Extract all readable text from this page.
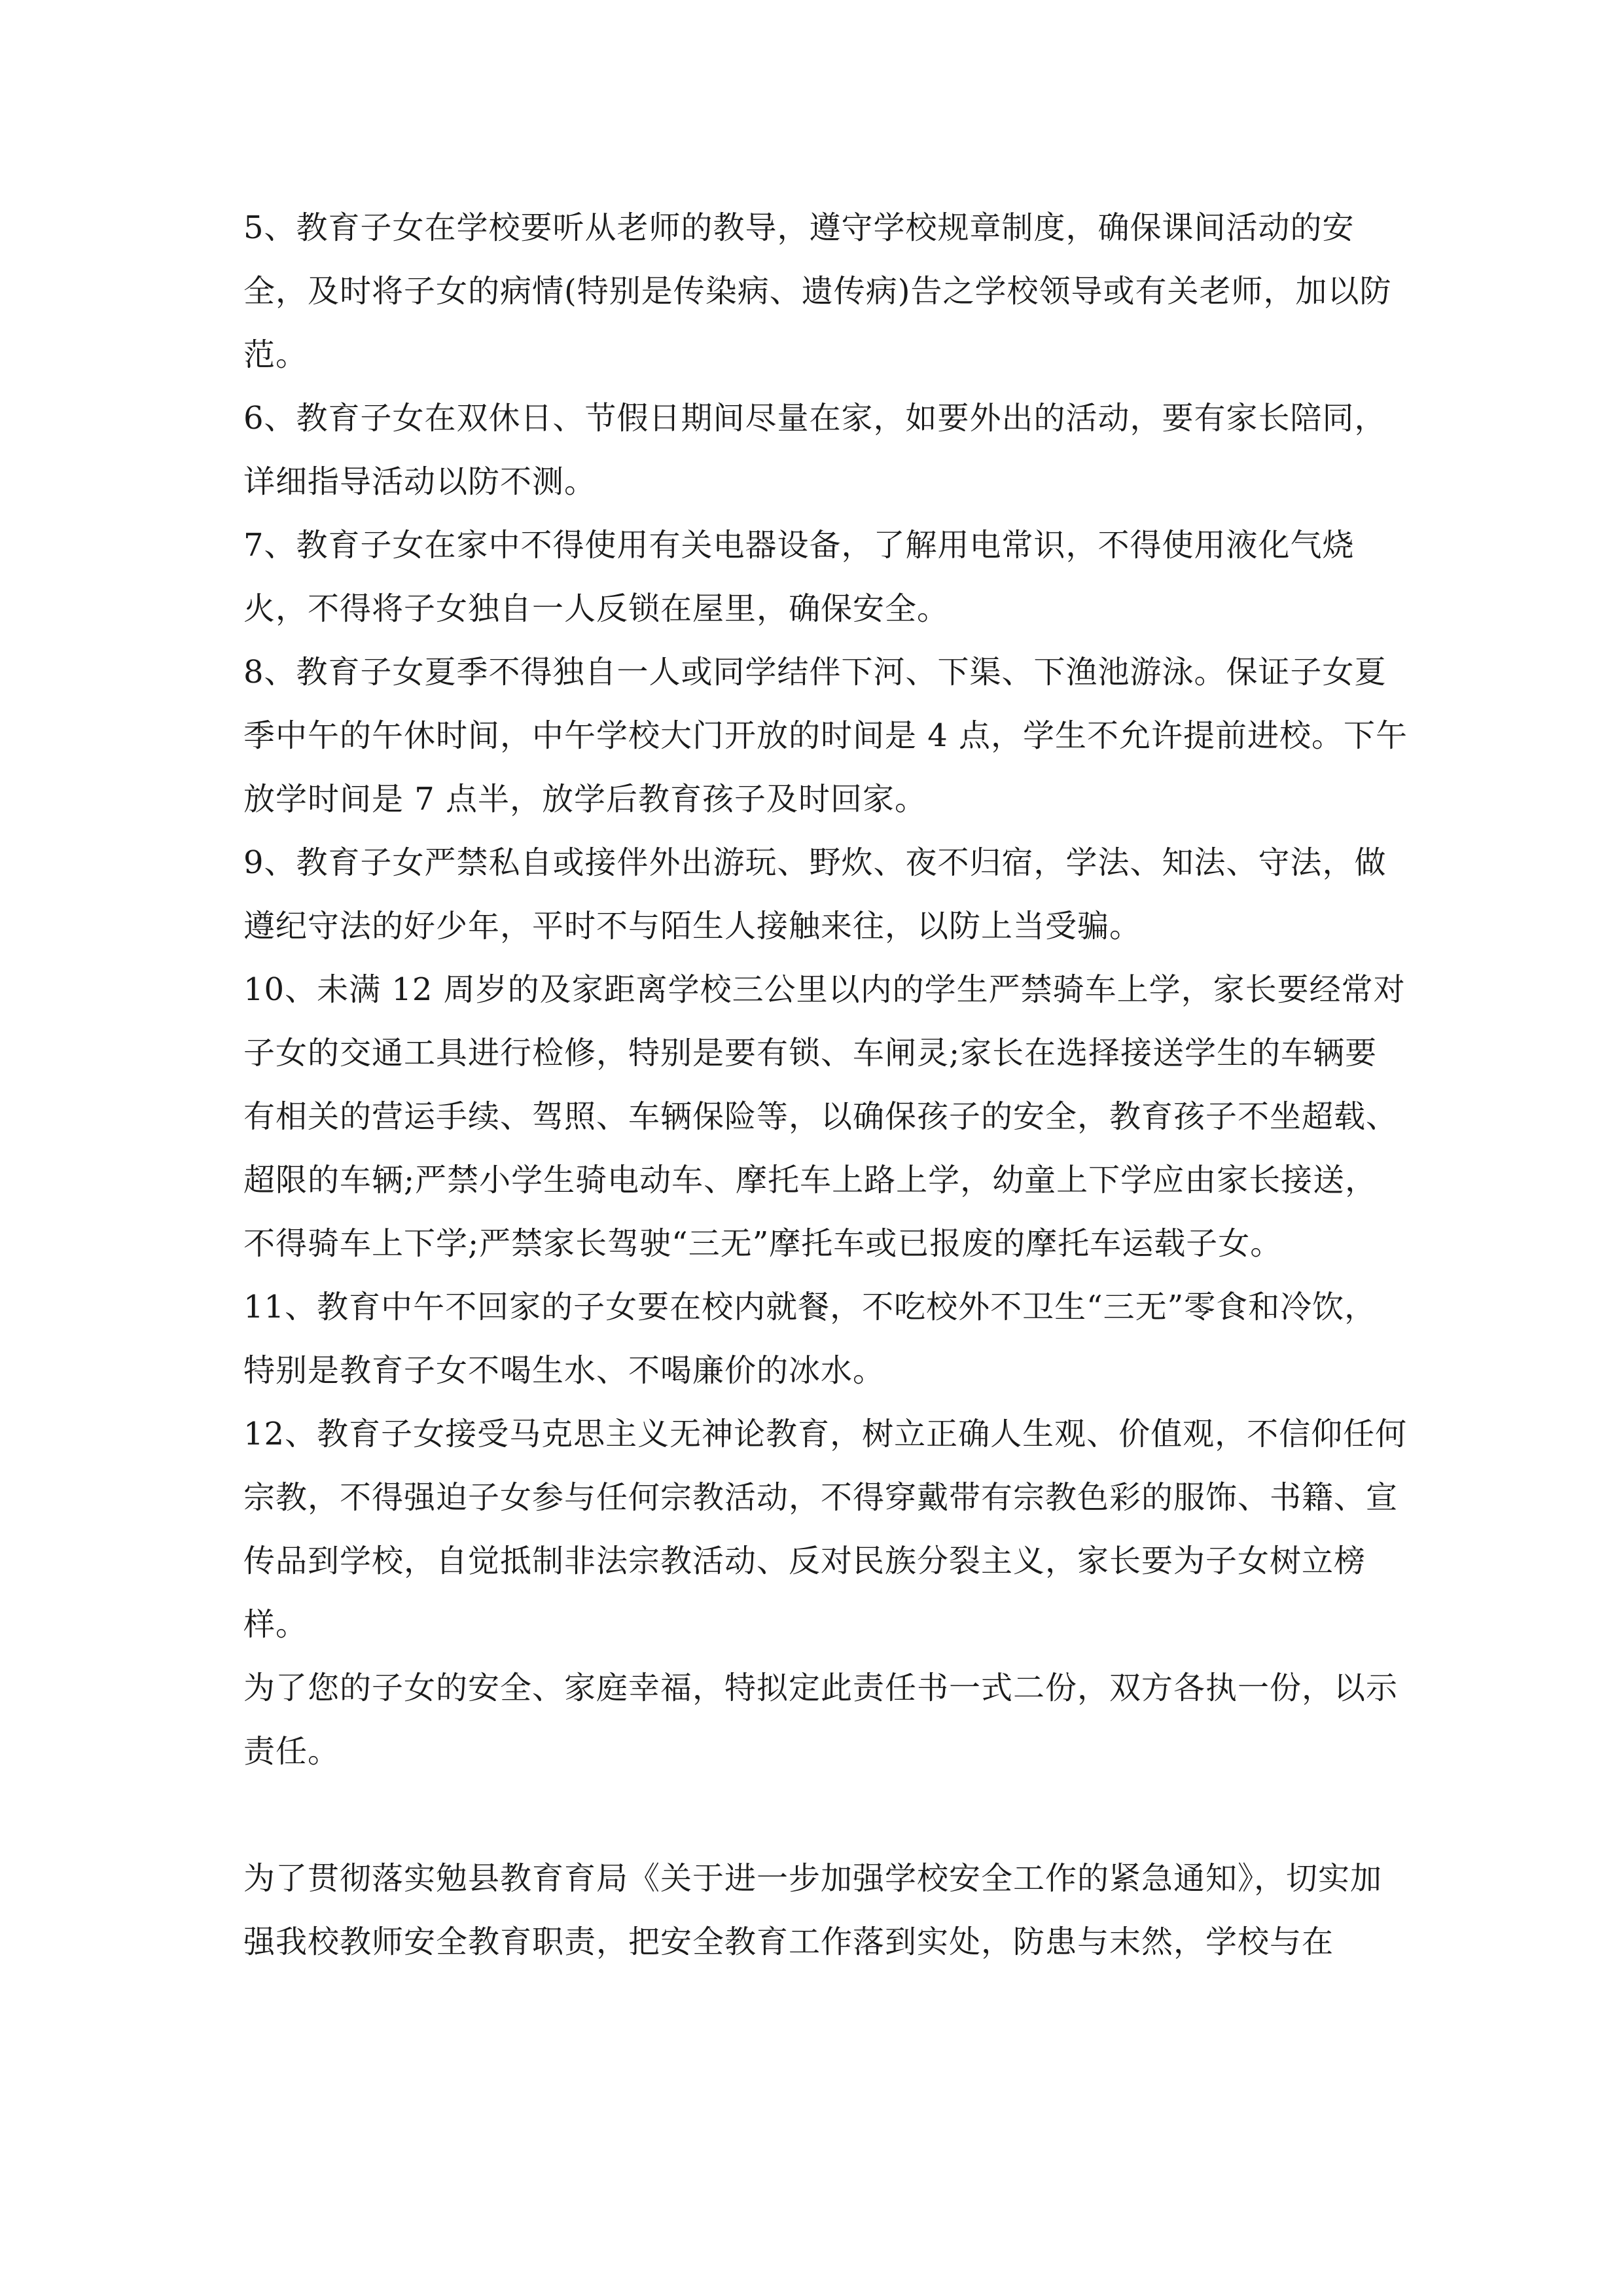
5、教育子女在学校要听从老师的教导，遵守学校规章制度，确保课间活动的安全，及时将子女的病情(特别是传染病、遗传病)告之学校领导或有关老师，加以防范。

6、教育子女在双休日、节假日期间尽量在家，如要外出的活动，要有家长陪同，详细指导活动以防不测。

7、教育子女在家中不得使用有关电器设备，了解用电常识，不得使用液化气烧火，不得将子女独自一人反锁在屋里，确保安全。

8、教育子女夏季不得独自一人或同学结伴下河、下渠、下渔池游泳。保证子女夏季中午的午休时间，中午学校大门开放的时间是 4 点，学生不允许提前进校。下午放学时间是 7 点半，放学后教育孩子及时回家。

9、教育子女严禁私自或接伴外出游玩、野炊、夜不归宿，学法、知法、守法，做遵纪守法的好少年，平时不与陌生人接触来往，以防上当受骗。

10、未满 12 周岁的及家距离学校三公里以内的学生严禁骑车上学，家长要经常对子女的交通工具进行检修，特别是要有锁、车闸灵;家长在选择接送学生的车辆要有相关的营运手续、驾照、车辆保险等，以确保孩子的安全，教育孩子不坐超载、超限的车辆;严禁小学生骑电动车、摩托车上路上学，幼童上下学应由家长接送，不得骑车上下学;严禁家长驾驶“三无”摩托车或已报废的摩托车运载子女。

11、教育中午不回家的子女要在校内就餐，不吃校外不卫生“三无”零食和冷饮，特别是教育子女不喝生水、不喝廉价的冰水。

12、教育子女接受马克思主义无神论教育，树立正确人生观、价值观，不信仰任何宗教，不得强迫子女参与任何宗教活动，不得穿戴带有宗教色彩的服饰、书籍、宣传品到学校，自觉抵制非法宗教活动、反对民族分裂主义，家长要为子女树立榜样。

为了您的子女的安全、家庭幸福，特拟定此责任书一式二份，双方各执一份，以示责任。

为了贯彻落实勉县教育育局《关于进一步加强学校安全工作的紧急通知》，切实加强我校教师安全教育职责，把安全教育工作落到实处，防患与末然，学校与在
